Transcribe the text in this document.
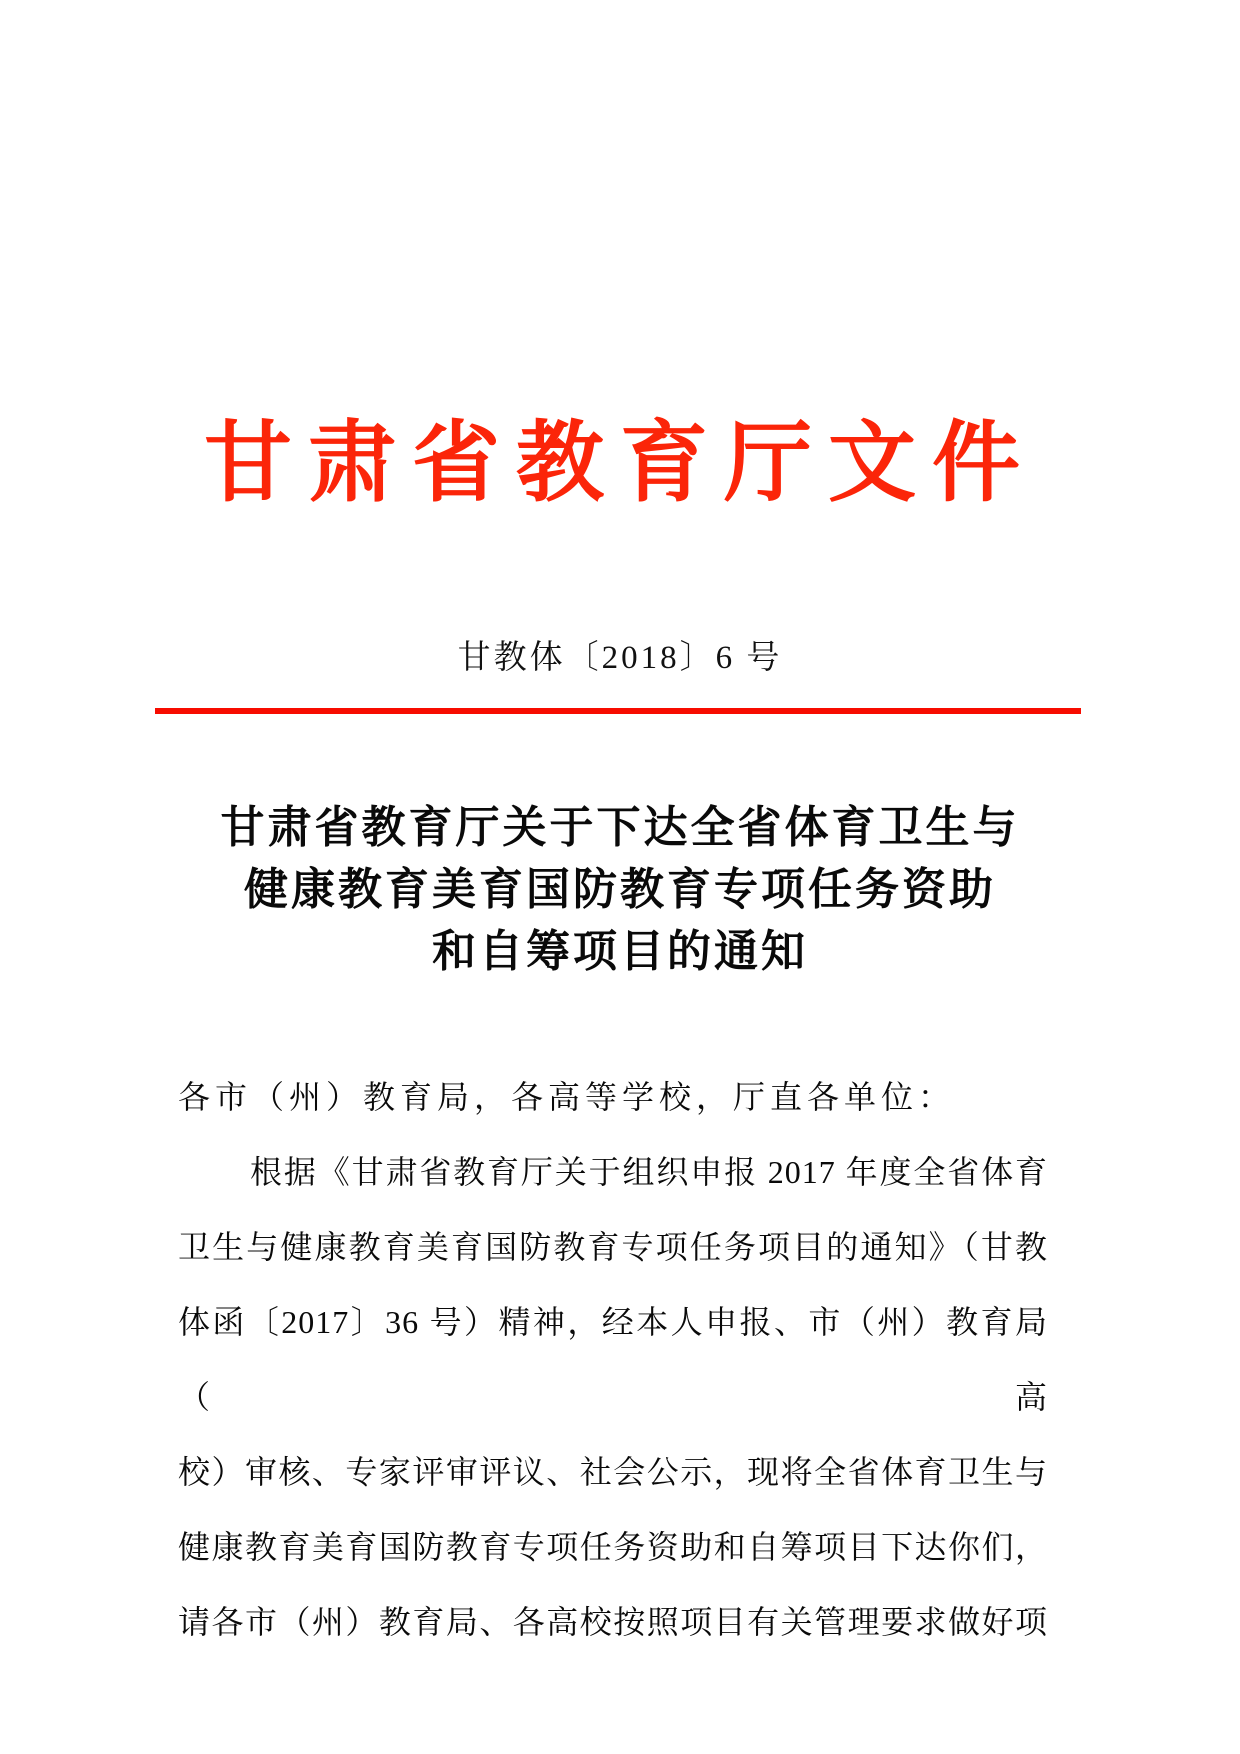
甘肃省教育厅文件
甘教体〔2018〕6 号
甘肃省教育厅关于下达全省体育卫生与
健康教育美育国防教育专项任务资助
和自筹项目的通知
各市（州）教育局，各高等学校，厅直各单位：
根据《甘肃省教育厅关于组织申报 2017 年度全省体育
卫生与健康教育美育国防教育专项任务项目的通知》（甘教
体函〔2017〕36 号）精神，经本人申报、市（州）教育局（高
校）审核、专家评审评议、社会公示，现将全省体育卫生与
健康教育美育国防教育专项任务资助和自筹项目下达你们，
请各市（州）教育局、各高校按照项目有关管理要求做好项
